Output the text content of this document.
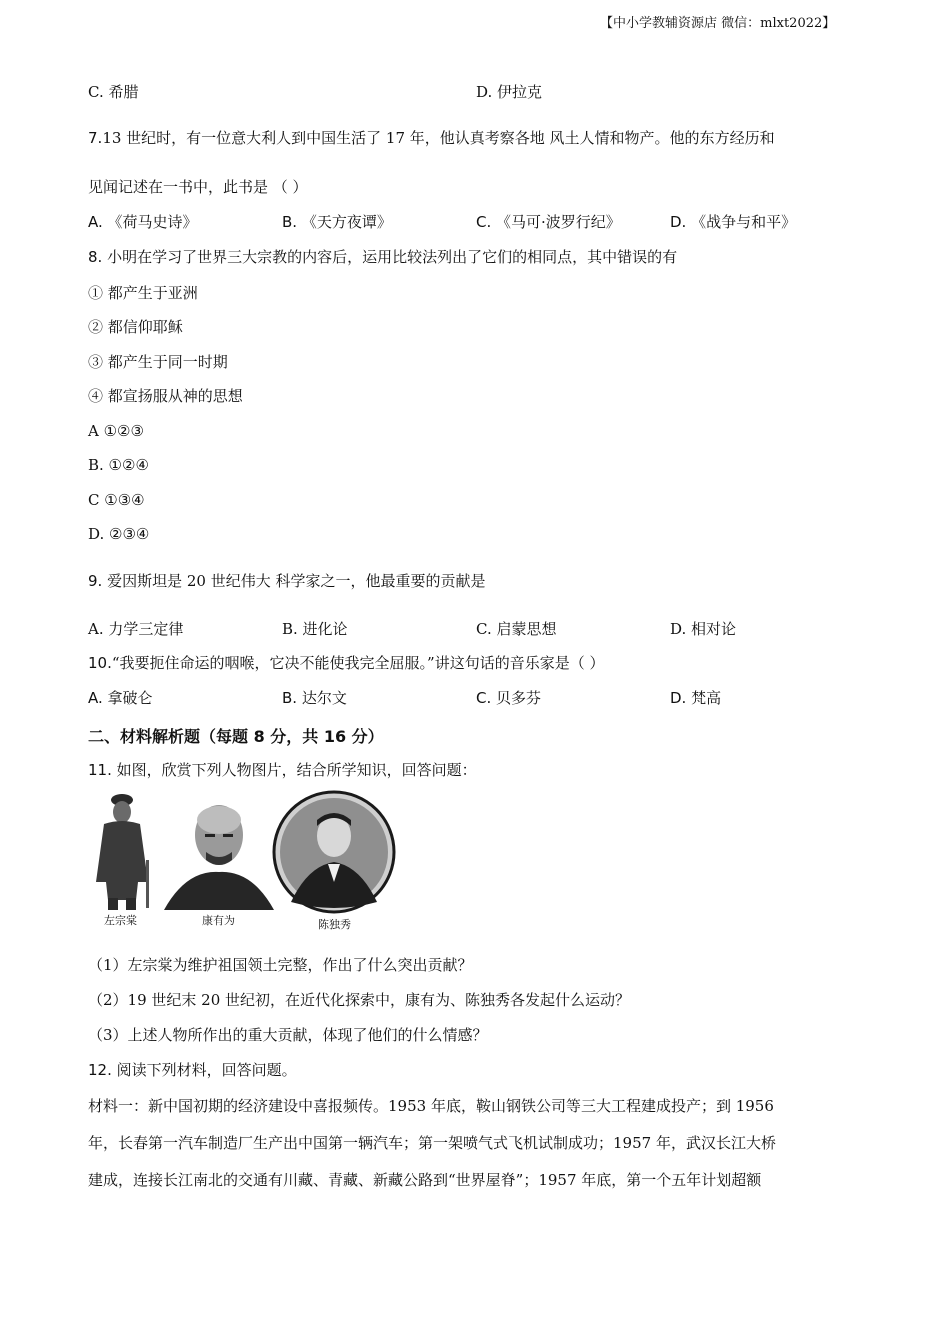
【中小学教辅资源店 微信：mlxt2022】
C. 希腊	D. 伊拉克
7.13 世纪时，有一位意大利人到中国生活了 17 年，他认真考察各地 风土人情和物产。他的东方经历和
见闻记述在一书中，此书是 （ ）
A. 《荷马史诗》	B. 《天方夜谭》	C. 《马可·波罗行纪》	D. 《战争与和平》
8. 小明在学习了世界三大宗教的内容后，运用比较法列出了它们的相同点，其中错误的有
① 都产生于亚洲
② 都信仰耶稣
③ 都产生于同一时期
④ 都宣扬服从神的思想
A ①②③
B. ①②④
C ①③④
D. ②③④
9. 爱因斯坦是 20 世纪伟大 科学家之一，他最重要的贡献是
A. 力学三定律	B. 进化论	C. 启蒙思想	D. 相对论
10.“我要扼住命运的咽喉，它决不能使我完全屈服。”讲这句话的音乐家是（ ）
A. 拿破仑	B. 达尔文	C. 贝多芬	D. 梵高
二、材料解析题（每题 8 分，共 16 分）
11. 如图，欣赏下列人物图片，结合所学知识，回答问题：
左宗棠	康有为	陈独秀
（1）左宗棠为维护祖国领土完整，作出了什么突出贡献？
（2）19 世纪末 20 世纪初，在近代化探索中，康有为、陈独秀各发起什么运动？
（3）上述人物所作出的重大贡献，体现了他们的什么情感？
12. 阅读下列材料，回答问题。
材料一：新中国初期的经济建设中喜报频传。1953 年底，鞍山钢铁公司等三大工程建成投产；到 1956
年，长春第一汽车制造厂生产出中国第一辆汽车；第一架喷气式飞机试制成功；1957 年，武汉长江大桥
建成，连接长江南北的交通有川藏、青藏、新藏公路到“世界屋脊”；1957 年底，第一个五年计划超额
